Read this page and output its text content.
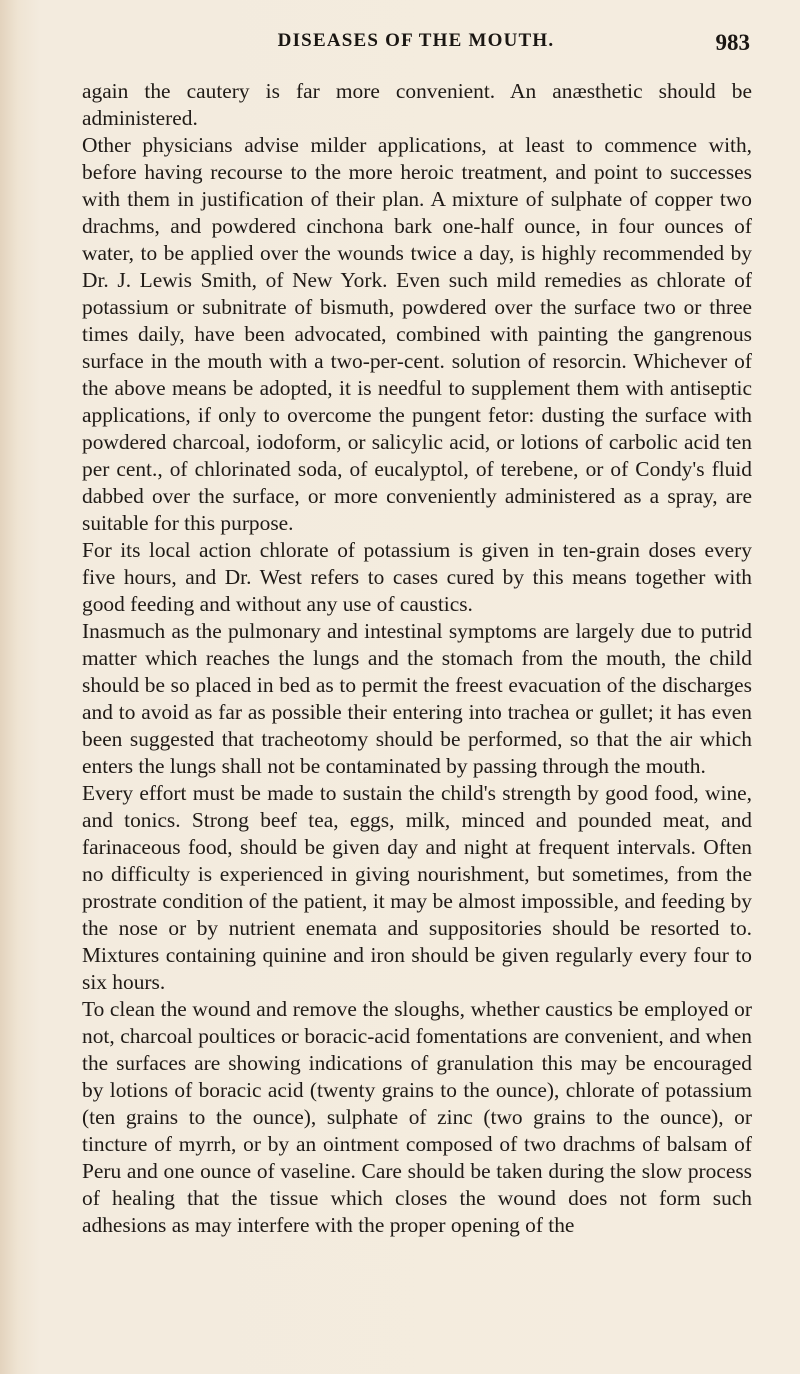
DISEASES OF THE MOUTH.	983

again the cautery is far more convenient. An anæsthetic should be administered.

Other physicians advise milder applications, at least to commence with, before having recourse to the more heroic treatment, and point to successes with them in justification of their plan. A mixture of sulphate of copper two drachms, and powdered cinchona bark one-half ounce, in four ounces of water, to be applied over the wounds twice a day, is highly recommended by Dr. J. Lewis Smith, of New York. Even such mild remedies as chlorate of potassium or subnitrate of bismuth, powdered over the surface two or three times daily, have been advocated, combined with painting the gangrenous surface in the mouth with a two-per-cent. solution of resorcin. Whichever of the above means be adopted, it is needful to supplement them with antiseptic applications, if only to overcome the pungent fetor: dusting the surface with powdered charcoal, iodoform, or salicylic acid, or lotions of carbolic acid ten per cent., of chlorinated soda, of eucalyptol, of terebene, or of Condy's fluid dabbed over the surface, or more conveniently administered as a spray, are suitable for this purpose.

For its local action chlorate of potassium is given in ten-grain doses every five hours, and Dr. West refers to cases cured by this means together with good feeding and without any use of caustics.

Inasmuch as the pulmonary and intestinal symptoms are largely due to putrid matter which reaches the lungs and the stomach from the mouth, the child should be so placed in bed as to permit the freest evacuation of the discharges and to avoid as far as possible their entering into trachea or gullet; it has even been suggested that tracheotomy should be performed, so that the air which enters the lungs shall not be contaminated by passing through the mouth.

Every effort must be made to sustain the child's strength by good food, wine, and tonics. Strong beef tea, eggs, milk, minced and pounded meat, and farinaceous food, should be given day and night at frequent intervals. Often no difficulty is experienced in giving nourishment, but sometimes, from the prostrate condition of the patient, it may be almost impossible, and feeding by the nose or by nutrient enemata and suppositories should be resorted to. Mixtures containing quinine and iron should be given regularly every four to six hours.

To clean the wound and remove the sloughs, whether caustics be employed or not, charcoal poultices or boracic-acid fomentations are convenient, and when the surfaces are showing indications of granulation this may be encouraged by lotions of boracic acid (twenty grains to the ounce), chlorate of potassium (ten grains to the ounce), sulphate of zinc (two grains to the ounce), or tincture of myrrh, or by an ointment composed of two drachms of balsam of Peru and one ounce of vaseline. Care should be taken during the slow process of healing that the tissue which closes the wound does not form such adhesions as may interfere with the proper opening of the
